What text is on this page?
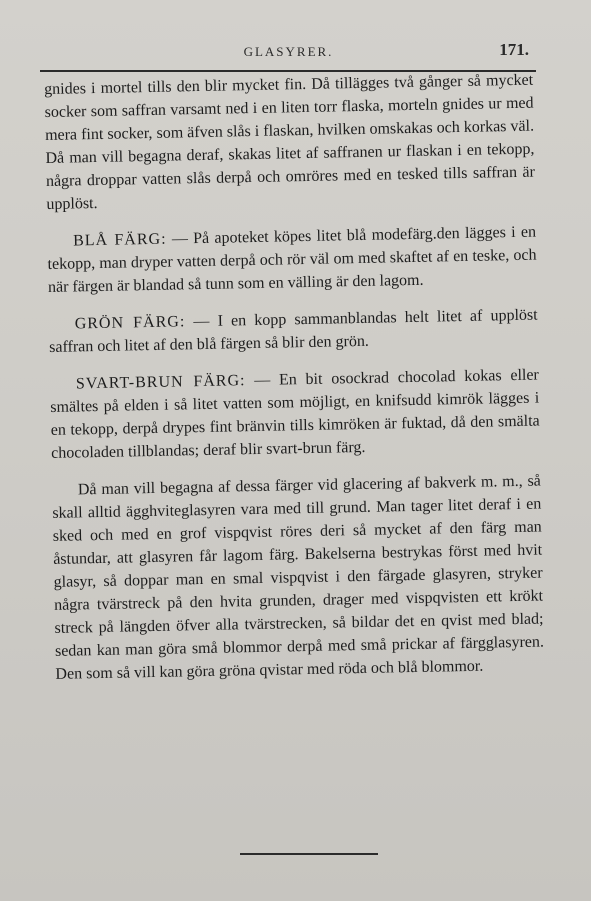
GLASYRER.	171.

gnides i mortel tills den blir mycket fin. Då tillägges två gånger så mycket socker som saffran varsamt ned i en liten torr flaska, morteln gnides ur med mera fint socker, som äfven slås i flaskan, hvilken omskakas och korkas väl. Då man vill begagna deraf, skakas litet af saffranen ur flaskan i en tekopp, några droppar vatten slås derpå och omröres med en tesked tills saffran är upplöst.

BLÅ FÄRG: — På apoteket köpes litet blå modefärg.den lägges i en tekopp, man dryper vatten derpå och rör väl om med skaftet af en teske, och när färgen är blandad så tunn som en välling är den lagom.

GRÖN FÄRG: — I en kopp sammanblandas helt litet af upplöst saffran och litet af den blå färgen så blir den grön.

SVART-BRUN FÄRG: — En bit osockrad chocolad kokas eller smältes på elden i så litet vatten som möjligt, en knifsudd kimrök lägges i en tekopp, derpå drypes fint bränvin tills kimröken är fuktad, då den smälta chocoladen tillblandas; deraf blir svart-brun färg.

Då man vill begagna af dessa färger vid glacering af bakverk m. m., så skall alltid ägghviteglasyren vara med till grund. Man tager litet deraf i en sked och med en grof vispqvist röres deri så mycket af den färg man åstundar, att glasyren får lagom färg. Bakelserna bestrykas först med hvit glasyr, så doppar man en smal vispqvist i den färgade glasyren, stryker några tvärstreck på den hvita grunden, drager med vispqvisten ett krökt streck på längden öfver alla tvärstrecken, så bildar det en qvist med blad; sedan kan man göra små blommor derpå med små prickar af färgglasyren. Den som så vill kan göra gröna qvistar med röda och blå blommor.
